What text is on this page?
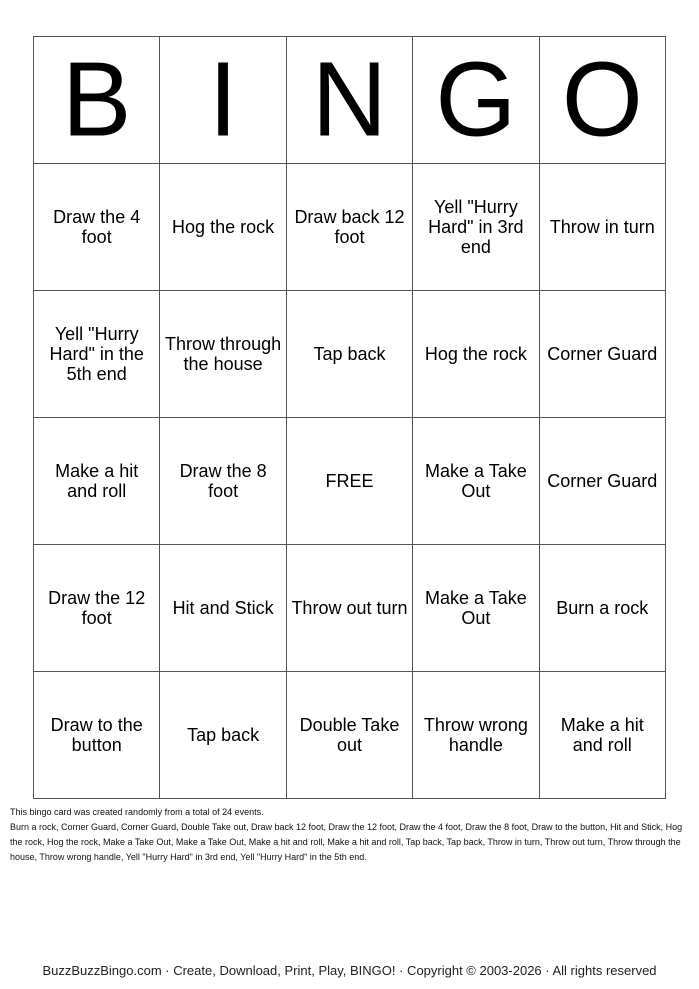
B	I	N	G	O
Draw the 4 foot	Hog the rock	Draw back 12 foot	Yell "Hurry Hard" in 3rd end	Throw in turn
Yell "Hurry Hard" in the 5th end	Throw through the house	Tap back	Hog the rock	Corner Guard
Make a hit and roll	Draw the 8 foot	FREE	Make a Take Out	Corner Guard
Draw the 12 foot	Hit and Stick	Throw out turn	Make a Take Out	Burn a rock
Draw to the button	Tap back	Double Take out	Throw wrong handle	Make a hit and roll

This bingo card was created randomly from a total of 24 events.

Burn a rock, Corner Guard, Corner Guard, Double Take out, Draw back 12 foot, Draw the 12 foot, Draw the 4 foot, Draw the 8 foot, Draw to the button, Hit and Stick, Hog the rock, Hog the rock, Make a Take Out, Make a Take Out, Make a hit and roll, Make a hit and roll, Tap back, Tap back, Throw in turn, Throw out turn, Throw through the house, Throw wrong handle, Yell "Hurry Hard" in 3rd end, Yell "Hurry Hard" in the 5th end.

BuzzBuzzBingo.com · Create, Download, Print, Play, BINGO! · Copyright © 2003-2026 · All rights reserved
